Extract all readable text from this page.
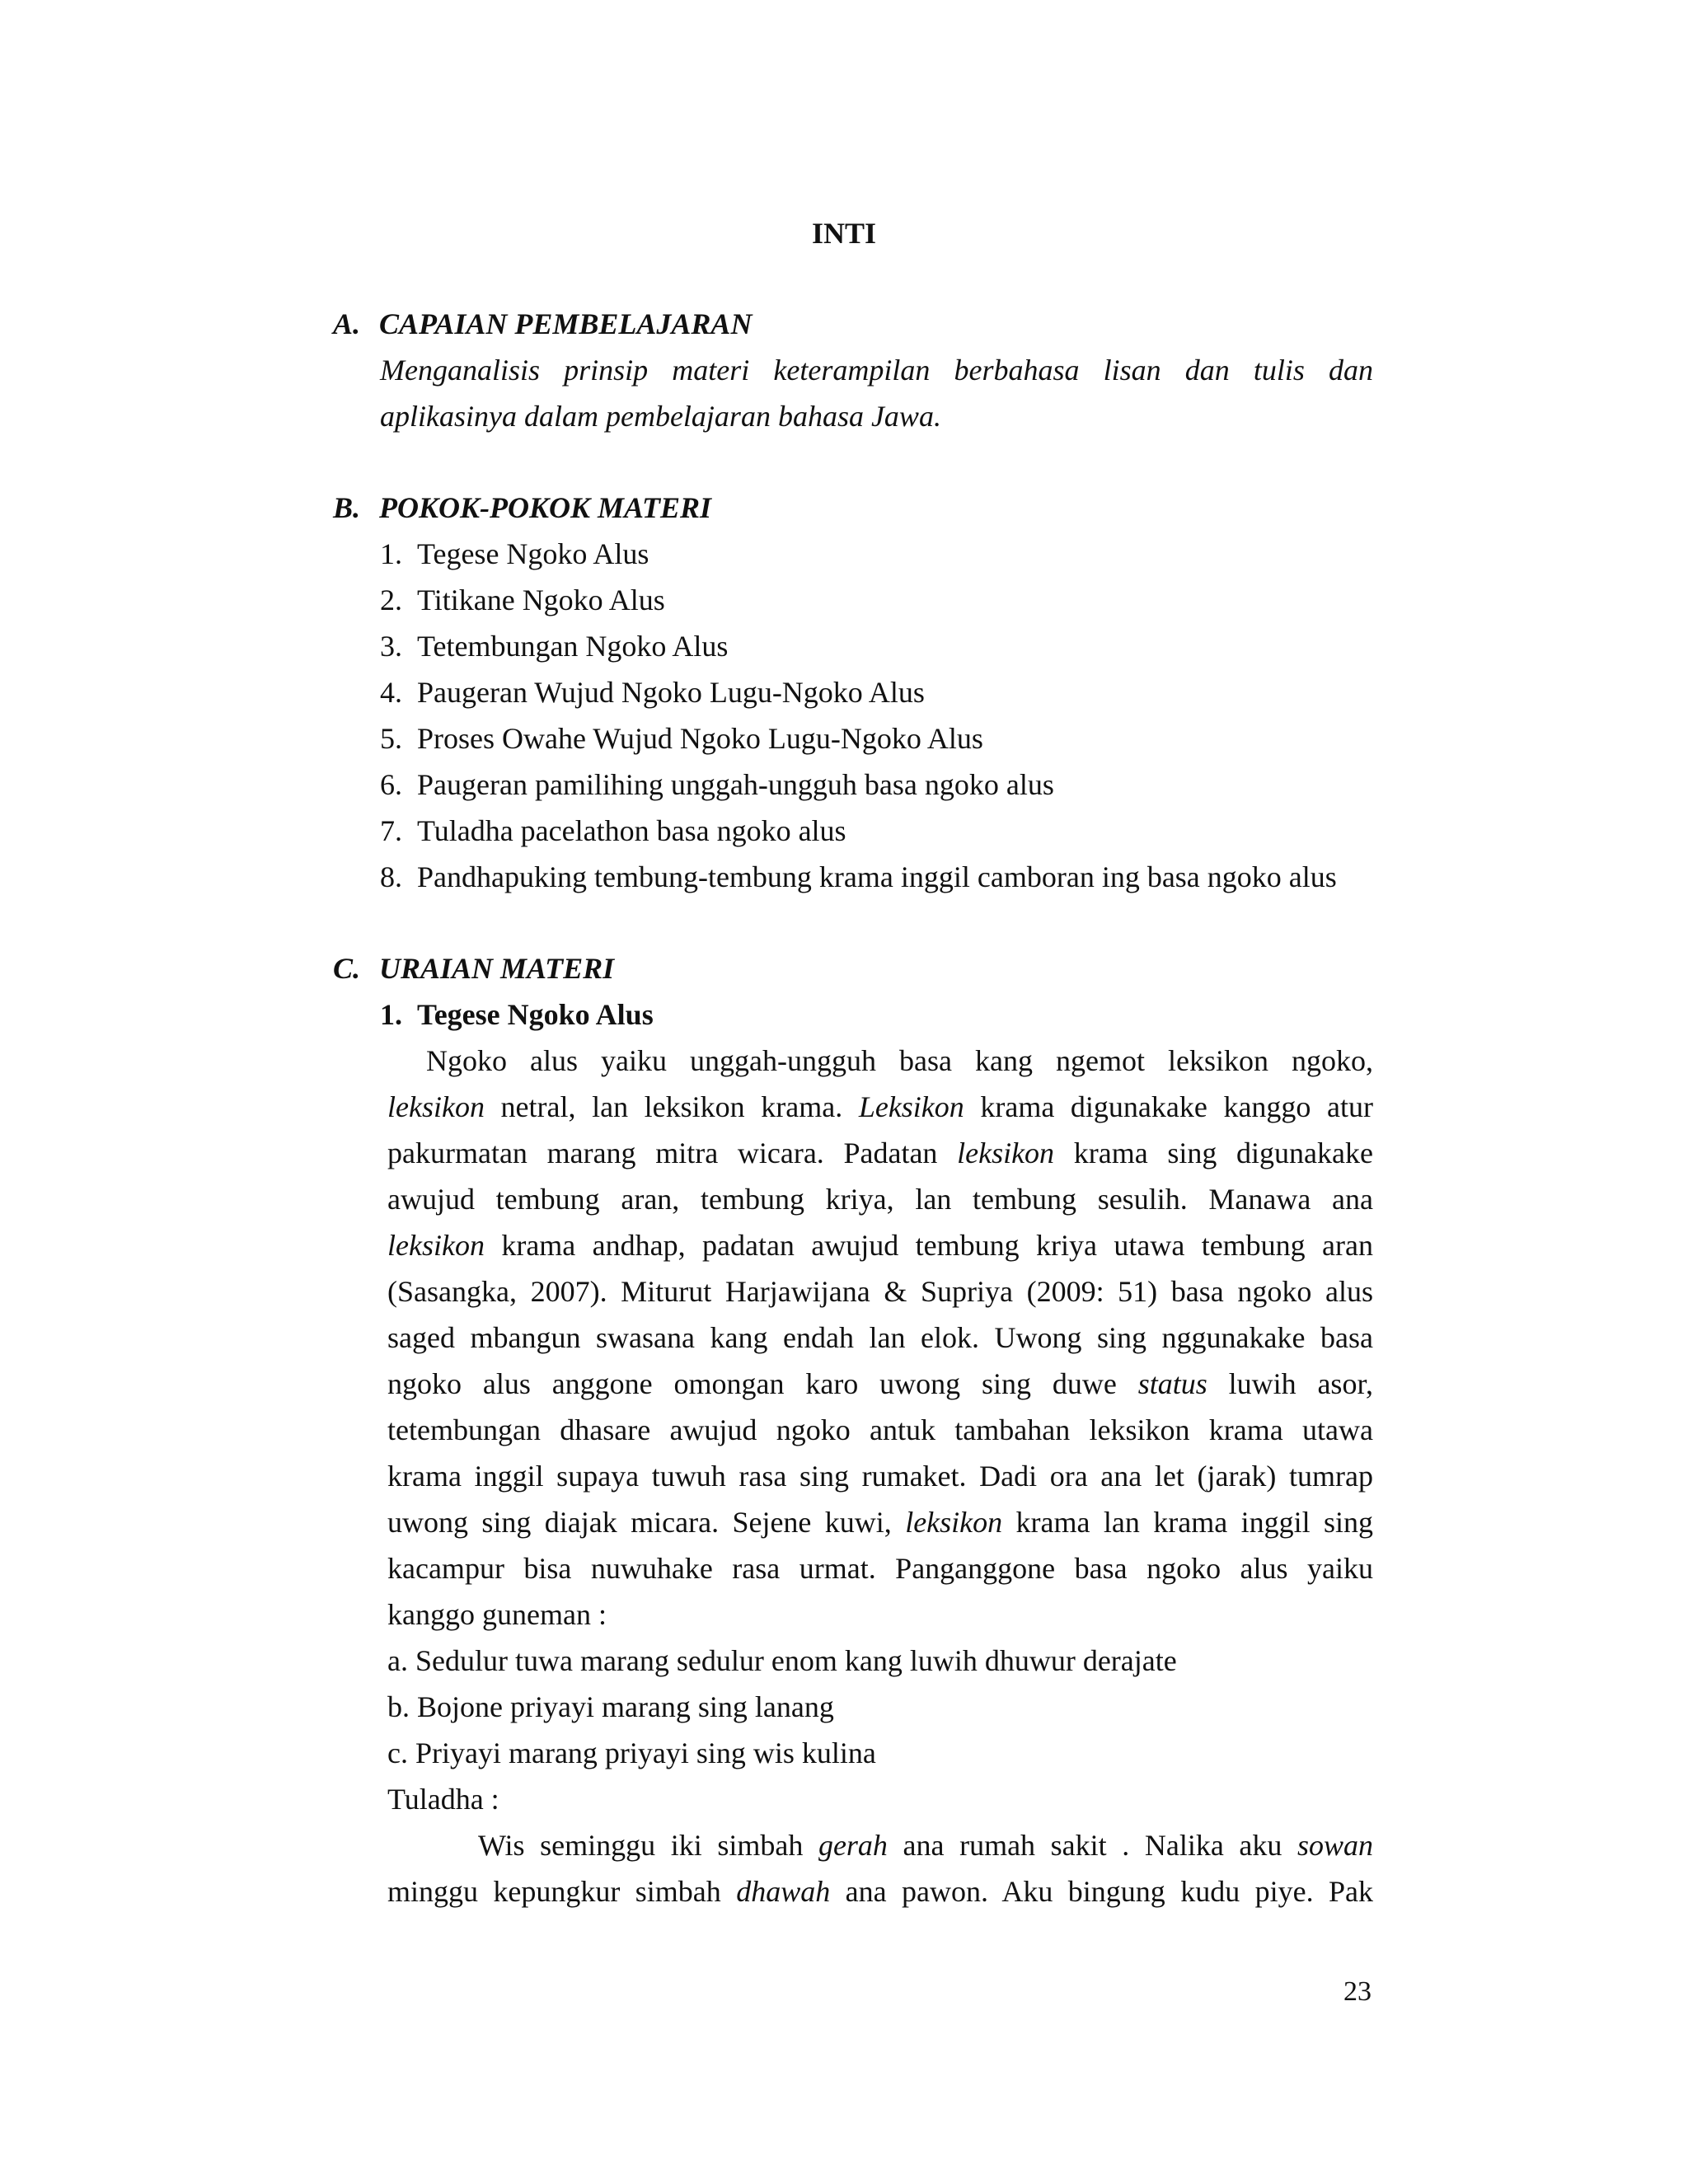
INTI
A. CAPAIAN PEMBELAJARAN
Menganalisis prinsip materi keterampilan berbahasa lisan dan tulis dan
aplikasinya dalam pembelajaran bahasa Jawa.
B. POKOK-POKOK MATERI
1. Tegese Ngoko Alus
2. Titikane Ngoko Alus
3. Tetembungan Ngoko Alus
4. Paugeran Wujud Ngoko Lugu-Ngoko Alus
5. Proses Owahe Wujud Ngoko Lugu-Ngoko Alus
6. Paugeran pamilihing unggah-ungguh basa ngoko alus
7. Tuladha pacelathon basa ngoko alus
8. Pandhapuking tembung-tembung krama inggil camboran ing basa ngoko alus
C. URAIAN MATERI
1. Tegese Ngoko Alus
Ngoko alus yaiku unggah-ungguh basa kang ngemot leksikon ngoko,
leksikon netral, lan leksikon krama. Leksikon krama digunakake kanggo atur
pakurmatan marang mitra wicara. Padatan leksikon krama sing digunakake
awujud tembung aran, tembung kriya, lan tembung sesulih. Manawa ana
leksikon krama andhap, padatan awujud tembung kriya utawa tembung aran
(Sasangka, 2007). Miturut Harjawijana & Supriya (2009: 51) basa ngoko alus
saged mbangun swasana kang endah lan elok. Uwong sing nggunakake basa
ngoko alus anggone omongan karo uwong sing duwe status luwih asor,
tetembungan dhasare awujud ngoko antuk tambahan leksikon krama utawa
krama inggil supaya tuwuh rasa sing rumaket. Dadi ora ana let (jarak) tumrap
uwong sing diajak micara. Sejene kuwi, leksikon krama lan krama inggil sing
kacampur bisa nuwuhake rasa urmat. Panganggone basa ngoko alus yaiku
kanggo guneman :
a. Sedulur tuwa marang sedulur enom kang luwih dhuwur derajate
b. Bojone priyayi marang sing lanang
c. Priyayi marang priyayi sing wis kulina
Tuladha :
Wis seminggu iki simbah gerah ana rumah sakit . Nalika aku sowan
minggu kepungkur simbah dhawah ana pawon. Aku bingung kudu piye. Pak
23
